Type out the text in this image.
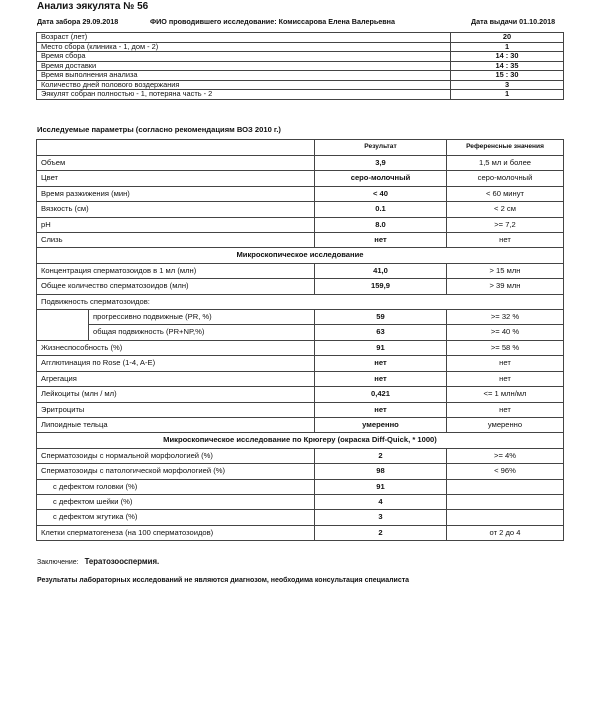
Анализ эякулята № 56
Дата забора 29.09.2018	ФИО проводившего исследование: Комиссарова Елена Валерьевна	Дата выдачи 01.10.2018
Возраст (лет)	20
Место сбора (клиника - 1, дом - 2)	1
Время сбора	14 : 30
Время доставки	14 : 35
Время выполнения анализа	15 : 30
Количество дней полового воздержания	3
Эякулят собран полностью - 1, потеряна часть - 2	1
Исследуемые параметры (согласно рекомендациям ВОЗ 2010 г.)
		Результат	Референсные значения
Объем		3,9	1,5 мл и более
Цвет		серо-молочный	серо-молочный
Время разжижения (мин)		< 40	< 60 минут
Вязкость (см)		0.1	< 2 см
pH		8.0	>= 7,2
Слизь		нет	нет
Микроскопическое исследование			
Концентрация сперматозоидов в 1 мл (млн)		41,0	> 15 млн
Общее количество сперматозоидов (млн)		159,9	> 39 млн
Подвижность сперматозоидов:			
	прогрессивно подвижные (PR, %)	59	>= 32 %
	общая подвижность (PR+NP,%)	63	>= 40 %
Жизнеспособность (%)		91	>= 58 %
Агглютинация по Rose (1-4, A-E)		нет	нет
Агрегация		нет	нет
Лейкоциты (млн / мл)		0,421	<= 1 млн/мл
Эритроциты		нет	нет
Липоидные тельца		умеренно	умеренно
Микроскопическое исследование по Крюгеру (окраска Diff-Quick, * 1000)			
Сперматозоиды с нормальной морфологией (%)		2	>= 4%
Сперматозоиды с патологической морфологией (%)		98	< 96%
с дефектом головки (%)		91	
с дефектом шейки (%)		4	
с дефектом жгутика (%)		3	
Клетки сперматогенеза (на 100 сперматозоидов)		2	от 2 до 4
Заключение: Тератозооспермия.
Результаты лабораторных исследований не являются диагнозом, необходима консультация специалиста
